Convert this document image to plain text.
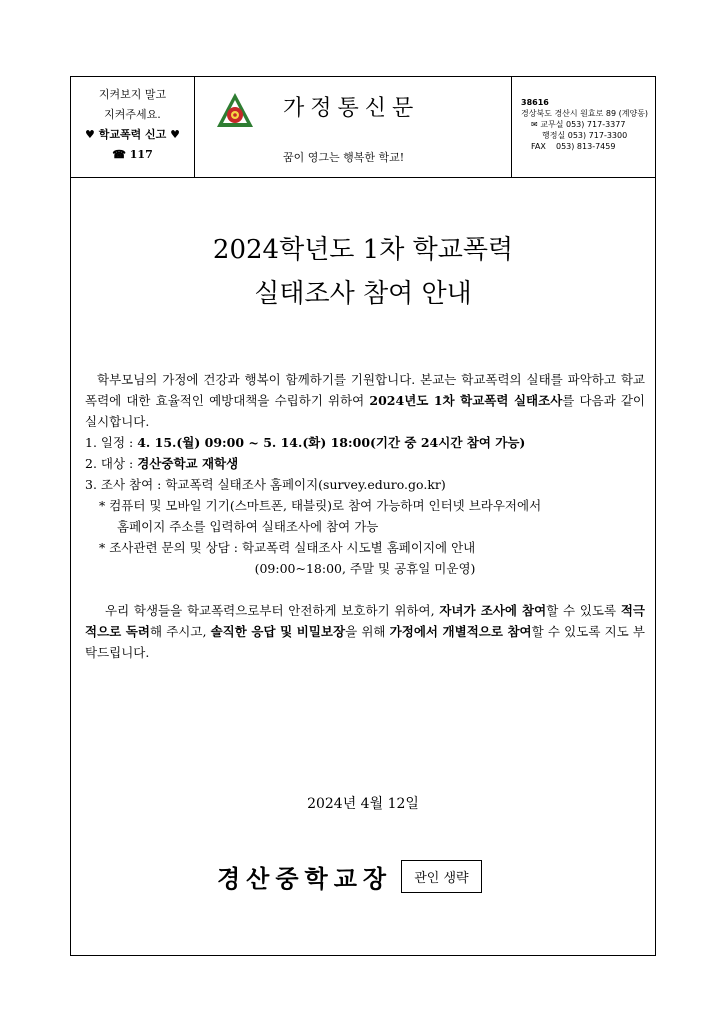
지켜보지 말고
지켜주세요.
♥ 학교폭력 신고 ♥
☎ 117
가정통신문
꿈이 영그는 행복한 학교!
38616
경상북도 경산시 원효로 89 (계양동)
✉ 교무실 053) 717-3377
행정실 053) 717-3300
FAX 053) 813-7459
2024학년도 1차 학교폭력
실태조사 참여 안내
학부모님의 가정에 건강과 행복이 함께하기를 기원합니다. 본교는 학교폭력의 실태를 파악하고 학교폭력에 대한 효율적인 예방대책을 수립하기 위하여 2024년도 1차 학교폭력 실태조사를 다음과 같이 실시합니다.
1. 일정 : 4. 15.(월) 09:00 ~ 5. 14.(화) 18:00(기간 중 24시간 참여 가능)
2. 대상 : 경산중학교 재학생
3. 조사 참여 : 학교폭력 실태조사 홈페이지(survey.eduro.go.kr)
* 컴퓨터 및 모바일 기기(스마트폰, 태블릿)로 참여 가능하며 인터넷 브라우저에서
홈페이지 주소를 입력하여 실태조사에 참여 가능
* 조사관련 문의 및 상담 : 학교폭력 실태조사 시도별 홈페이지에 안내
(09:00~18:00, 주말 및 공휴일 미운영)
우리 학생들을 학교폭력으로부터 안전하게 보호하기 위하여, 자녀가 조사에 참여할 수 있도록 적극적으로 독려해 주시고, 솔직한 응답 및 비밀보장을 위해 가정에서 개별적으로 참여할 수 있도록 지도 부탁드립니다.
2024년 4월 12일
경산중학교장 관인 생략
